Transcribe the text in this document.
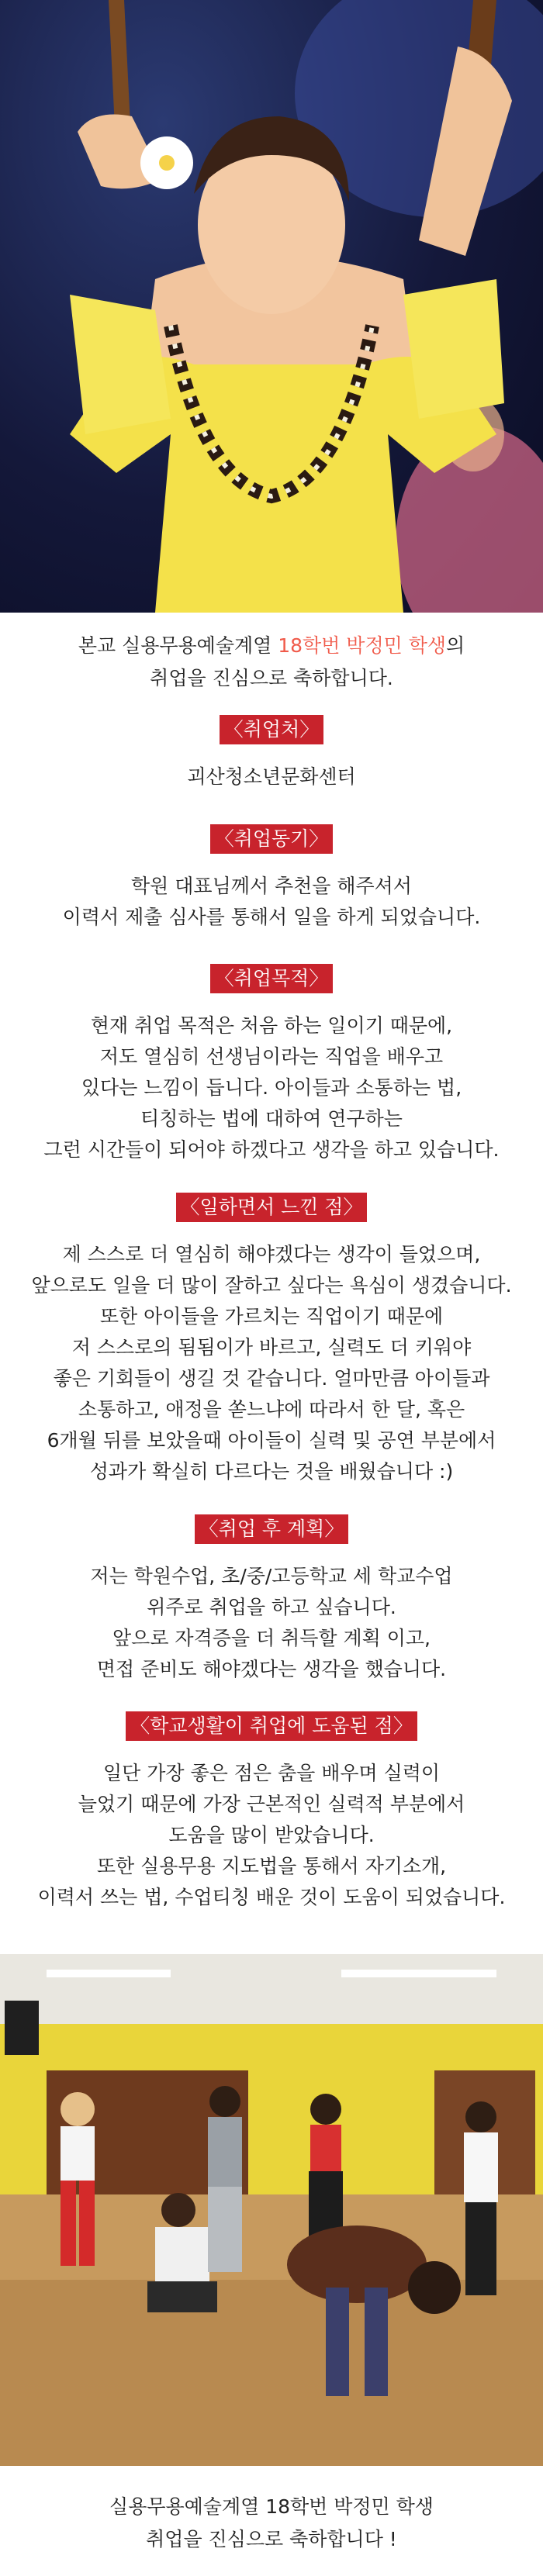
본교 실용무용예술계열 18학번 박정민 학생의
취업을 진심으로 축하합니다.
〈취업처〉
괴산청소년문화센터
〈취업동기〉
학원 대표님께서 추천을 해주셔서
이력서 제출 심사를 통해서 일을 하게 되었습니다.
〈취업목적〉
현재 취업 목적은 처음 하는 일이기 때문에,
저도 열심히 선생님이라는 직업을 배우고
있다는 느낌이 듭니다. 아이들과 소통하는 법,
티칭하는 법에 대하여 연구하는
그런 시간들이 되어야 하겠다고 생각을 하고 있습니다.
〈일하면서 느낀 점〉
제 스스로 더 열심히 해야겠다는 생각이 들었으며,
앞으로도 일을 더 많이 잘하고 싶다는 욕심이 생겼습니다.
또한 아이들을 가르치는 직업이기 때문에
저 스스로의 됨됨이가 바르고, 실력도 더 키워야
좋은 기회들이 생길 것 같습니다. 얼마만큼 아이들과
소통하고, 애정을 쏟느냐에 따라서 한 달, 혹은
6개월 뒤를 보았을때 아이들이 실력 및 공연 부분에서
성과가 확실히 다르다는 것을 배웠습니다 :)
〈취업 후 계획〉
저는 학원수업, 초/중/고등학교 세 학교수업
위주로 취업을 하고 싶습니다.
앞으로 자격증을 더 취득할 계획 이고,
면접 준비도 해야겠다는 생각을 했습니다.
〈학교생활이 취업에 도움된 점〉
일단 가장 좋은 점은 춤을 배우며 실력이
늘었기 때문에 가장 근본적인 실력적 부분에서
도움을 많이 받았습니다.
또한 실용무용 지도법을 통해서 자기소개,
이력서 쓰는 법, 수업티칭 배운 것이 도움이 되었습니다.
실용무용예술계열 18학번 박정민 학생
취업을 진심으로 축하합니다 !
